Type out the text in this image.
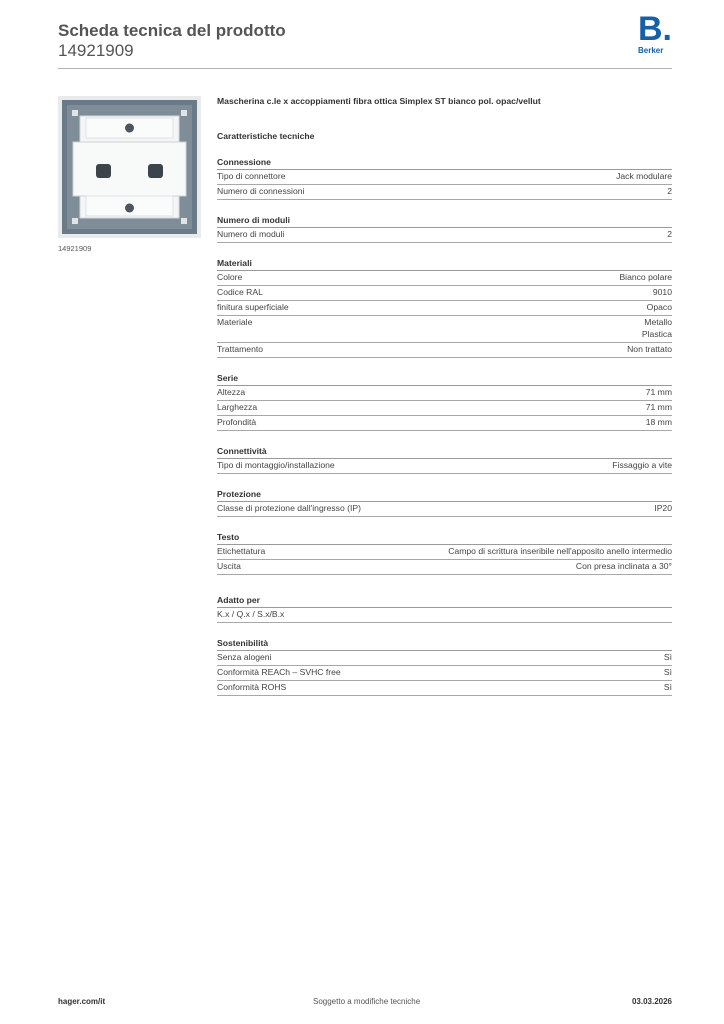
Scheda tecnica del prodotto
14921909
B.
Berker
14921909
Mascherina c.le x accoppiamenti fibra ottica Simplex ST bianco pol. opac/vellut
Caratteristiche tecniche
Connessione
Tipo di connettore	Jack modulare
Numero di connessioni	2
Numero di moduli
Numero di moduli	2
Materiali
Colore	Bianco polare
Codice RAL	9010
finitura superficiale	Opaco
Materiale	Metallo
Plastica
Trattamento	Non trattato
Serie
Altezza	71 mm
Larghezza	71 mm
Profondità	18 mm
Connettività
Tipo di montaggio/installazione	Fissaggio a vite
Protezione
Classe di protezione dall'ingresso (IP)	IP20
Testo
Etichettatura	Campo di scrittura inseribile nell'apposito anello intermedio
Uscita	Con presa inclinata a 30°
Adatto per
K.x / Q.x / S.x/B.x
Sostenibilità
Senza alogeni	Sì
Conformità REACh – SVHC free	Sì
Conformità ROHS	Sì
hager.com/it	Soggetto a modifiche tecniche	03.03.2026
